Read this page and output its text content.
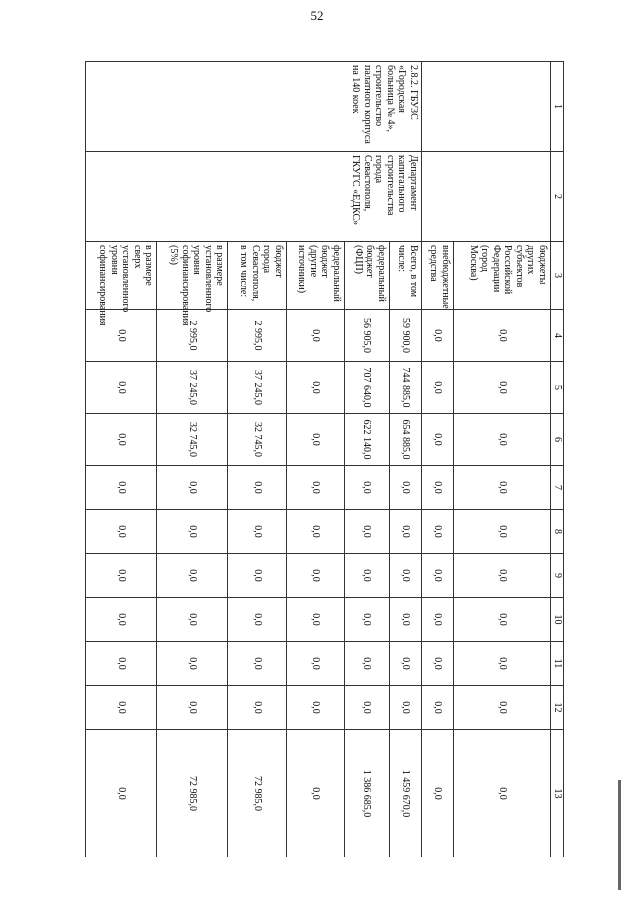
52
1	2	3	4	5	6	7	8	9	10	11	12	13
		бюджеты других субъектов Российской Федерации (город Москва)	0,0	0,0	0,0	0,0	0,0	0,0	0,0	0,0	0,0	0,0
		внебюджетные средства	0,0	0,0	0,0	0,0	0,0	0,0	0,0	0,0	0,0	0,0
2.8.2. ГБУЗС «Городская больница № 4», строительство палатного корпуса на 140 коек	Департамент капитального строительства города Севастополя, ГКУГС «ЕДКС»	Всего, в том числе:	59 900,0	744 885,0	654 885,0	0,0	0,0	0,0	0,0	0,0	0,0	1 459 670,0
		федеральный бюджет (ФЦП)	56 905,0	707 640,0	622 140,0	0,0	0,0	0,0	0,0	0,0	0,0	1 386 685,0
		федеральный бюджет (другие источники)	0,0	0,0	0,0	0,0	0,0	0,0	0,0	0,0	0,0	0,0
		бюджет города Севастополя, в том числе:	2 995,0	37 245,0	32 745,0	0,0	0,0	0,0	0,0	0,0	0,0	72 985,0
		в размере установленного уровня софинансирования (5%)	2 995,0	37 245,0	32 745,0	0,0	0,0	0,0	0,0	0,0	0,0	72 985,0
		в размере сверх установленного уровня софинансирования	0,0	0,0	0,0	0,0	0,0	0,0	0,0	0,0	0,0	0,0
